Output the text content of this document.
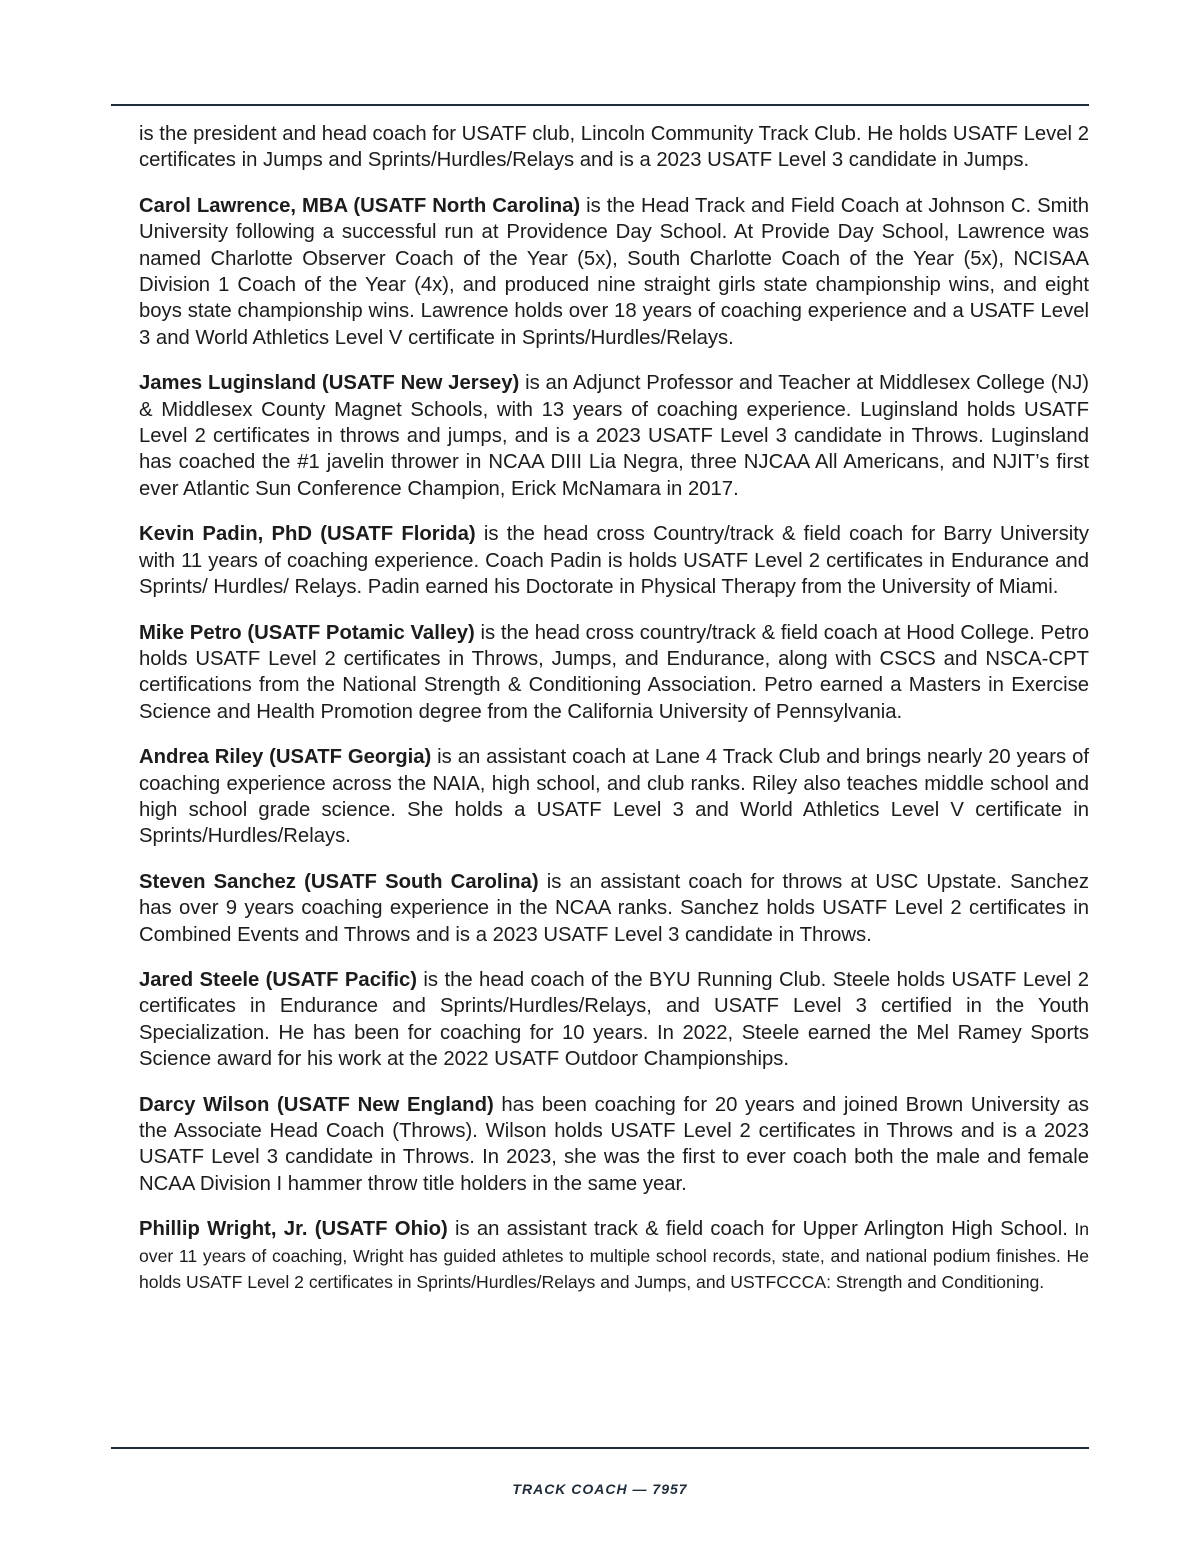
is the president and head coach for USATF club, Lincoln Community Track Club. He holds USATF Level 2 certificates in Jumps and Sprints/Hurdles/Relays and is a 2023 USATF Level 3 candidate in Jumps.

Carol Lawrence, MBA (USATF North Carolina) is the Head Track and Field Coach at Johnson C. Smith University following a successful run at Providence Day School. At Provide Day School, Lawrence was named Charlotte Observer Coach of the Year (5x), South Charlotte Coach of the Year (5x), NCISAA Division 1 Coach of the Year (4x), and produced nine straight girls state championship wins, and eight boys state championship wins. Lawrence holds over 18 years of coaching experience and a USATF Level 3 and World Athletics Level V certificate in Sprints/Hurdles/Relays.

James Luginsland (USATF New Jersey) is an Adjunct Professor and Teacher at Middlesex College (NJ) & Middlesex County Magnet Schools, with 13 years of coaching experience. Luginsland holds USATF Level 2 certificates in throws and jumps, and is a 2023 USATF Level 3 candidate in Throws. Luginsland has coached the #1 javelin thrower in NCAA DIII Lia Negra, three NJCAA All Americans, and NJIT’s first ever Atlantic Sun Conference Champion, Erick McNamara in 2017.

Kevin Padin, PhD (USATF Florida) is the head cross Country/track & field coach for Barry University with 11 years of coaching experience. Coach Padin is holds USATF Level 2 certificates in Endurance and Sprints/ Hurdles/ Relays. Padin earned his Doctorate in Physical Therapy from the University of Miami.

Mike Petro (USATF Potamic Valley) is the head cross country/track & field coach at Hood College. Petro holds USATF Level 2 certificates in Throws, Jumps, and Endurance, along with CSCS and NSCA-CPT certifications from the National Strength & Conditioning Association. Petro earned a Masters in Exercise Science and Health Promotion degree from the California University of Pennsylvania.

Andrea Riley (USATF Georgia) is an assistant coach at Lane 4 Track Club and brings nearly 20 years of coaching experience across the NAIA, high school, and club ranks. Riley also teaches middle school and high school grade science. She holds a USATF Level 3 and World Athletics Level V certificate in Sprints/Hurdles/Relays.

Steven Sanchez (USATF South Carolina) is an assistant coach for throws at USC Upstate. Sanchez has over 9 years coaching experience in the NCAA ranks. Sanchez holds USATF Level 2 certificates in Combined Events and Throws and is a 2023 USATF Level 3 candidate in Throws.

Jared Steele (USATF Pacific) is the head coach of the BYU Running Club. Steele holds USATF Level 2 certificates in Endurance and Sprints/Hurdles/Relays, and USATF Level 3 certified in the Youth Specialization. He has been for coaching for 10 years. In 2022, Steele earned the Mel Ramey Sports Science award for his work at the 2022 USATF Outdoor Championships.

Darcy Wilson (USATF New England) has been coaching for 20 years and joined Brown University as the Associate Head Coach (Throws). Wilson holds USATF Level 2 certificates in Throws and is a 2023 USATF Level 3 candidate in Throws. In 2023, she was the first to ever coach both the male and female NCAA Division I hammer throw title holders in the same year.

Phillip Wright, Jr. (USATF Ohio) is an assistant track & field coach for Upper Arlington High School. In over 11 years of coaching, Wright has guided athletes to multiple school records, state, and national podium finishes. He holds USATF Level 2 certificates in Sprints/Hurdles/Relays and Jumps, and USTFCCCA: Strength and Conditioning.

TRACK COACH — 7957
